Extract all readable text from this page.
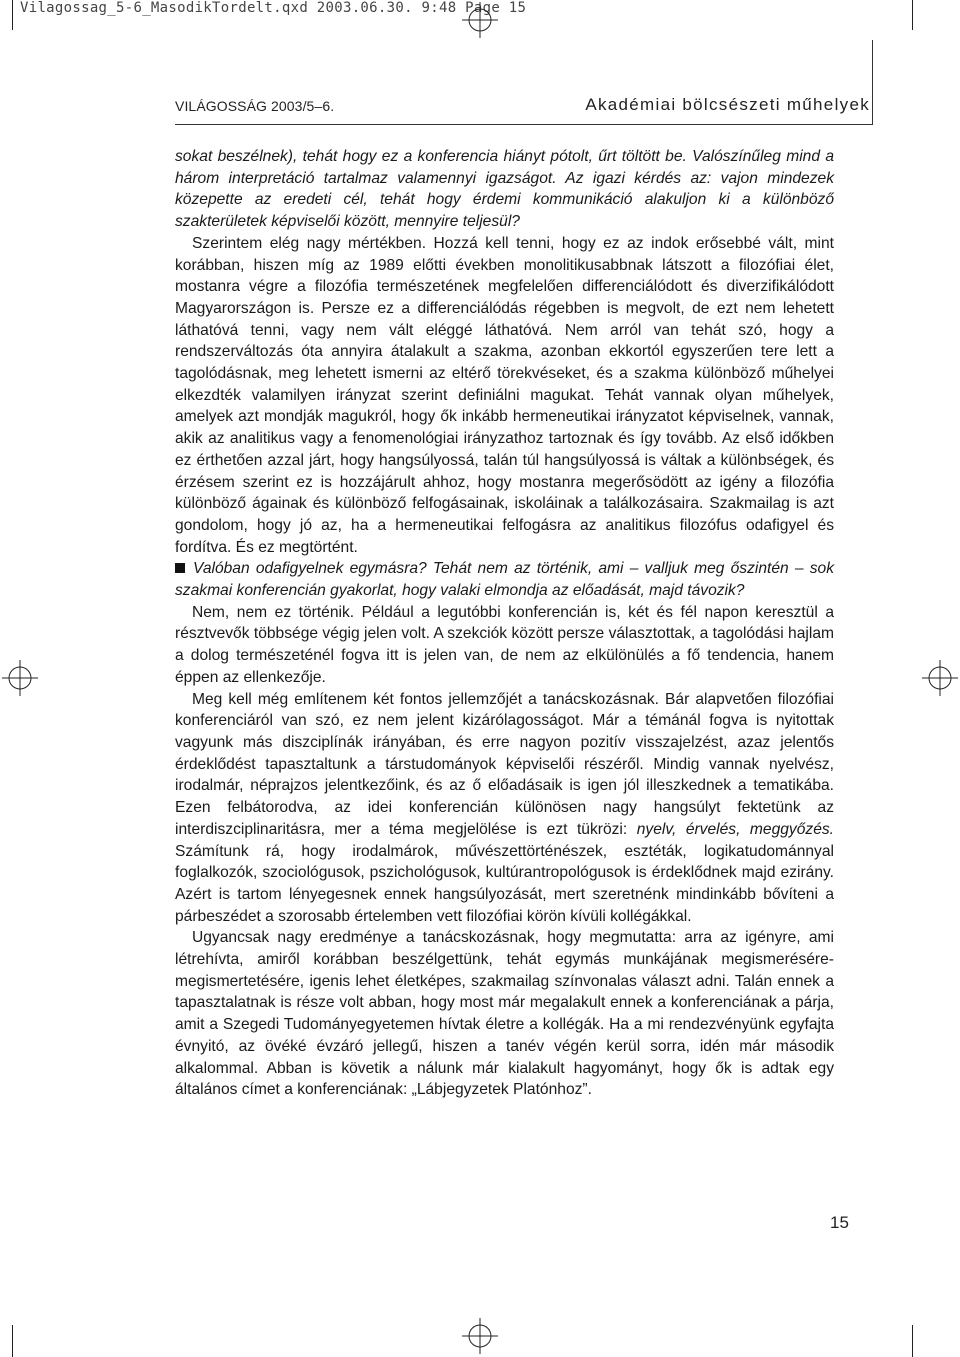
Vilagossag_5-6_MasodikTordelt.qxd 2003.06.30. 9:48 Page 15
VILÁGOSSÁG 2003/5–6.	Akadémiai bölcsészeti műhelyek

sokat beszélnek), tehát hogy ez a konferencia hiányt pótolt, űrt töltött be. Valószínűleg mind a három interpretáció tartalmaz valamennyi igazságot. Az igazi kérdés az: vajon mindezek közepette az eredeti cél, tehát hogy érdemi kommunikáció alakuljon ki a különböző szakterületek képviselői között, mennyire teljesül?

Szerintem elég nagy mértékben. Hozzá kell tenni, hogy ez az indok erősebbé vált, mint korábban, hiszen míg az 1989 előtti években monolitikusabbnak látszott a filozófiai élet, mostanra végre a filozófia természetének megfelelően differenciálódott és diverzifikálódott Magyarországon is. Persze ez a differenciálódás régebben is megvolt, de ezt nem lehetett láthatóvá tenni, vagy nem vált eléggé láthatóvá. Nem arról van tehát szó, hogy a rendszerváltozás óta annyira átalakult a szakma, azonban ekkortól egyszerűen tere lett a tagolódásnak, meg lehetett ismerni az eltérő törekvéseket, és a szakma különböző műhelyei elkezdték valamilyen irányzat szerint definiálni magukat. Tehát vannak olyan műhelyek, amelyek azt mondják magukról, hogy ők inkább hermeneutikai irányzatot képviselnek, vannak, akik az analitikus vagy a fenomenológiai irányzathoz tartoznak és így tovább. Az első időkben ez érthetően azzal járt, hogy hangsúlyossá, talán túl hangsúlyossá is váltak a különbségek, és érzésem szerint ez is hozzájárult ahhoz, hogy mostanra megerősödött az igény a filozófia különböző ágainak és különböző felfogásainak, iskoláinak a találkozásaira. Szakmailag is azt gondolom, hogy jó az, ha a hermeneutikai felfogásra az analitikus filozófus odafigyel és fordítva. És ez megtörtént.

Valóban odafigyelnek egymásra? Tehát nem az történik, ami – valljuk meg őszintén – sok szakmai konferencián gyakorlat, hogy valaki elmondja az előadását, majd távozik?

Nem, nem ez történik. Például a legutóbbi konferencián is, két és fél napon keresztül a résztvevők többsége végig jelen volt. A szekciók között persze választottak, a tagolódási hajlam a dolog természeténél fogva itt is jelen van, de nem az elkülönülés a fő tendencia, hanem éppen az ellenkezője.

Meg kell még említenem két fontos jellemzőjét a tanácskozásnak. Bár alapvetően filozófiai konferenciáról van szó, ez nem jelent kizárólagosságot. Már a témánál fogva is nyitottak vagyunk más diszciplínák irányában, és erre nagyon pozitív visszajelzést, azaz jelentős érdeklődést tapasztaltunk a társtudományok képviselői részéről. Mindig vannak nyelvész, irodalmár, néprajzos jelentkezőink, és az ő előadásaik is igen jól illeszkednek a tematikába. Ezen felbátorodva, az idei konferencián különösen nagy hangsúlyt fektetünk az interdiszciplinaritásra, mer a téma megjelölése is ezt tükrözi: nyelv, érvelés, meggyőzés. Számítunk rá, hogy irodalmárok, művészettörténészek, esztéták, logikatudománnyal foglalkozók, szociológusok, pszichológusok, kultúrantropológusok is érdeklődnek majd ezirány. Azért is tartom lényegesnek ennek hangsúlyozását, mert szeretnénk mindinkább bővíteni a párbeszédet a szorosabb értelemben vett filozófiai körön kívüli kollégákkal.

Ugyancsak nagy eredménye a tanácskozásnak, hogy megmutatta: arra az igényre, ami létrehívta, amiről korábban beszélgettünk, tehát egymás munkájának megismerésére-megismertetésére, igenis lehet életképes, szakmailag színvonalas választ adni. Talán ennek a tapasztalatnak is része volt abban, hogy most már megalakult ennek a konferenciának a párja, amit a Szegedi Tudományegyetemen hívtak életre a kollégák. Ha a mi rendezvényünk egyfajta évnyitó, az övéké évzáró jellegű, hiszen a tanév végén kerül sorra, idén már második alkalommal. Abban is követik a nálunk már kialakult hagyományt, hogy ők is adtak egy általános címet a konferenciának: „Lábjegyzetek Platónhoz”.

15
